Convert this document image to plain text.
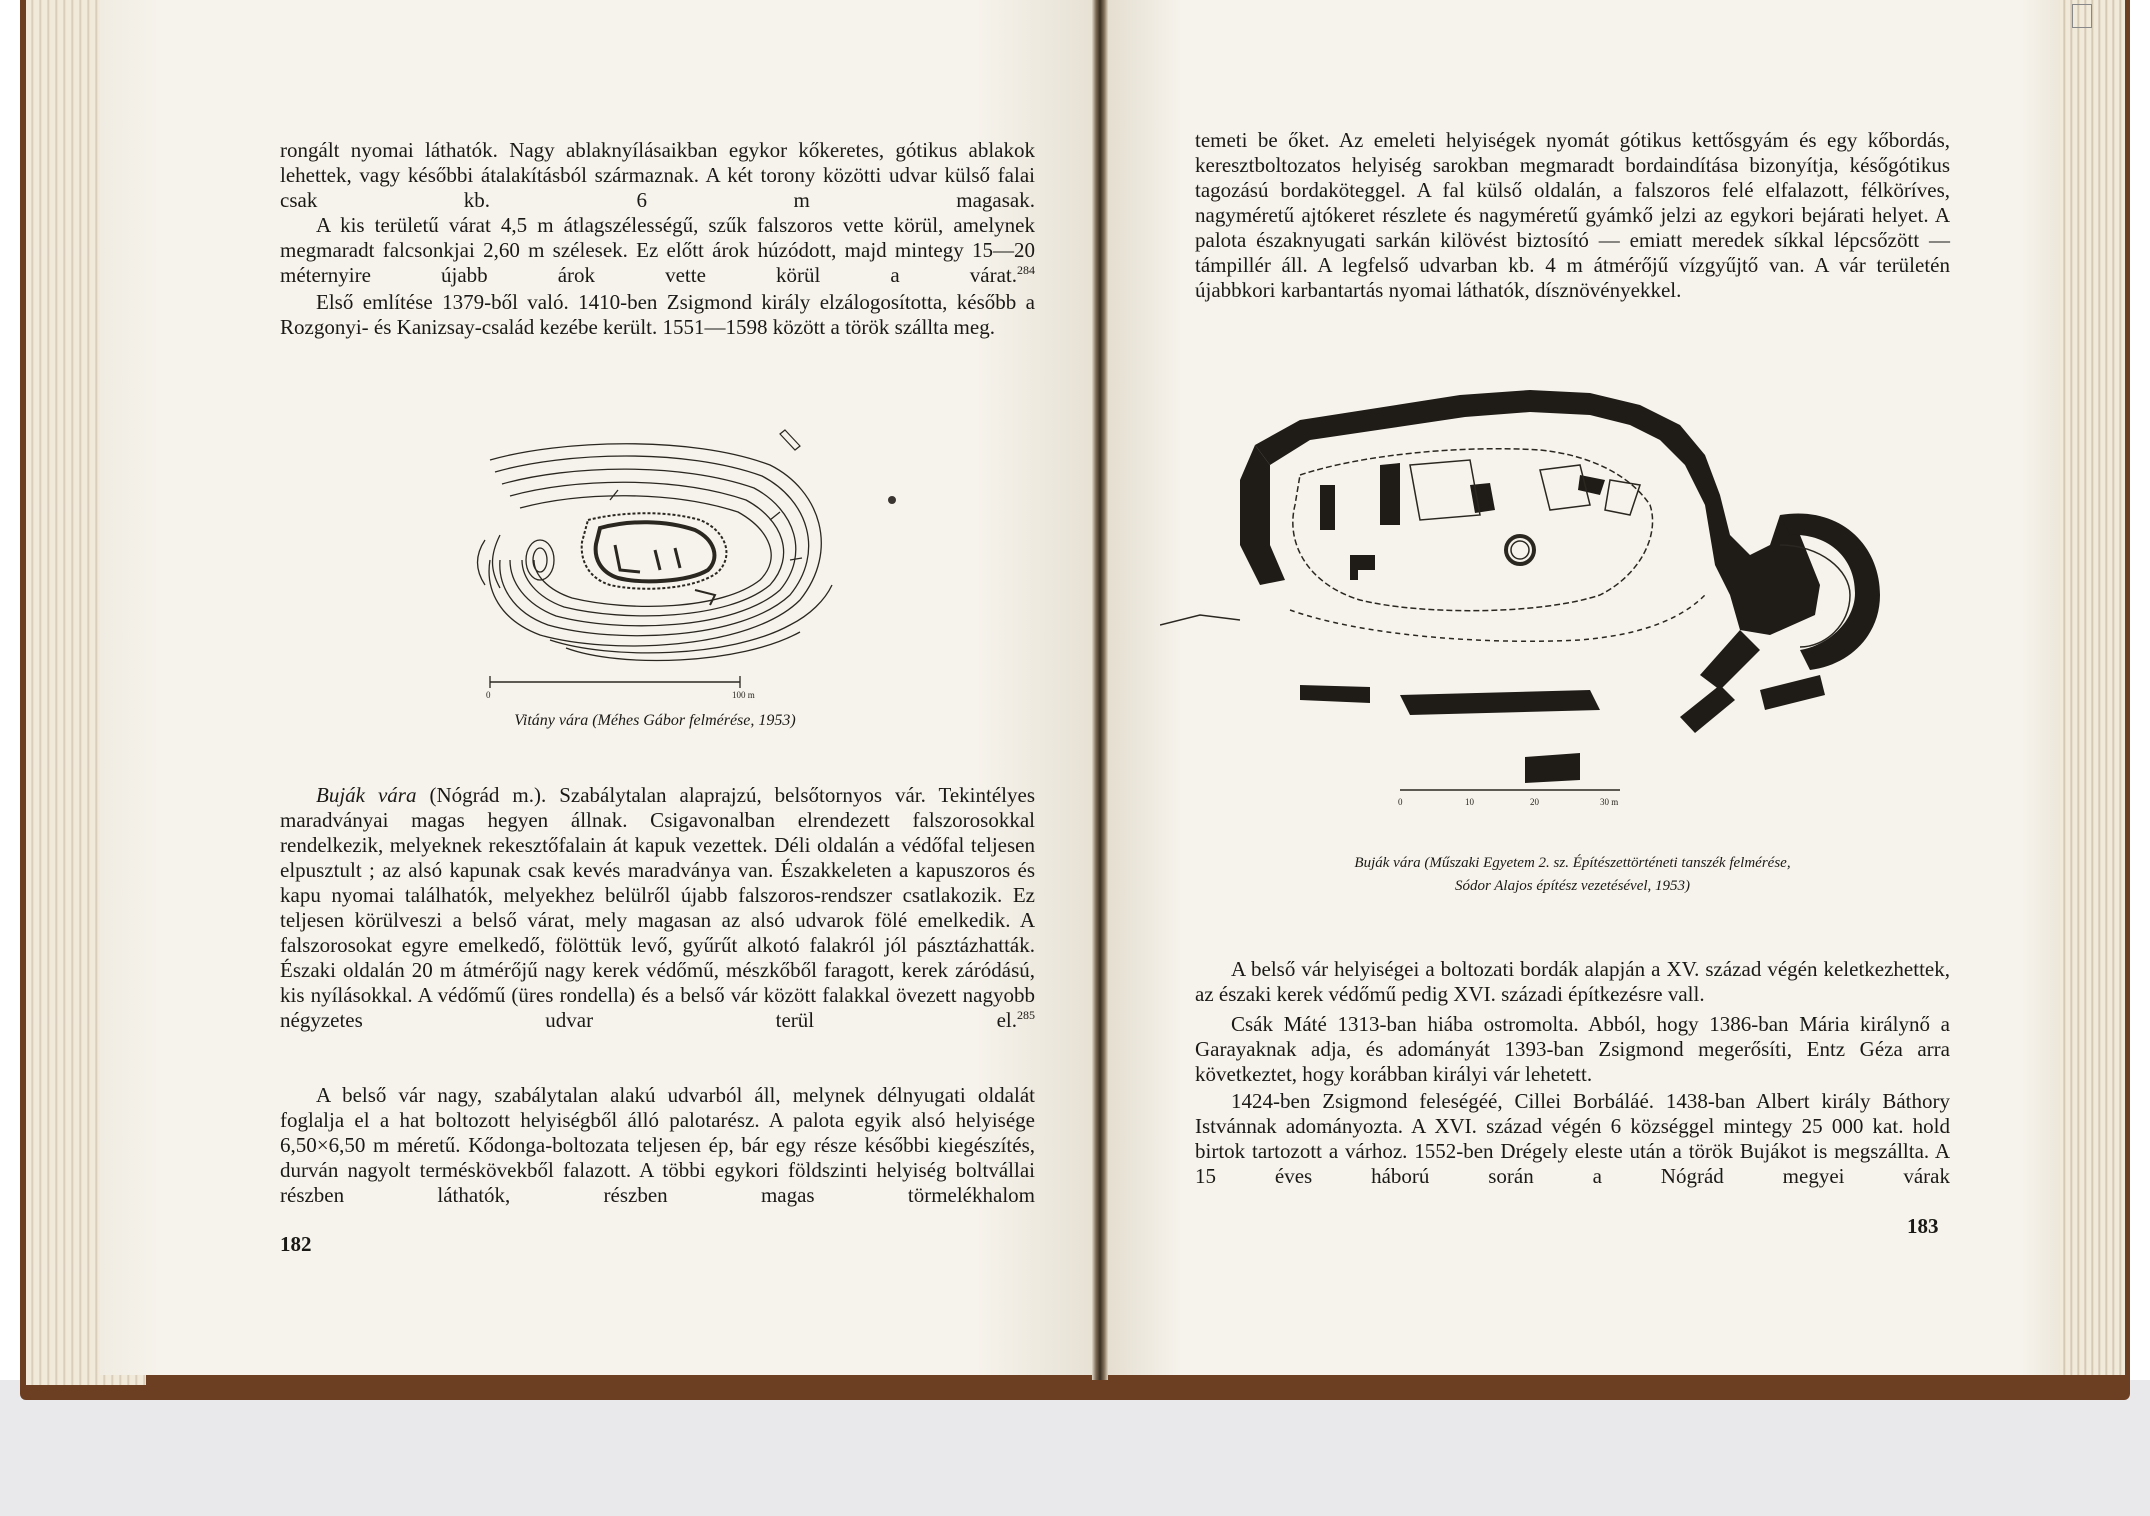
rongált nyomai láthatók. Nagy ablaknyílásaikban egykor kőkeretes, gótikus ablakok lehettek, vagy későbbi átalakításból származnak. A két torony közötti udvar külső falai csak kb. 6 m magasak.

A kis területű várat 4,5 m átlagszélességű, szűk falszoros vette körül, amelynek megmaradt falcsonkjai 2,60 m szélesek. Ez előtt árok húzódott, majd mintegy 15—20 méternyire újabb árok vette körül a várat.$^{284}$

Első említése 1379-ből való. 1410-ben Zsigmond király elzálogosította, később a Rozgonyi- és Kanizsay-család kezébe került. 1551—1598 között a török szállta meg.

0	100 m

Vitány vára (Méhes Gábor felmérése, 1953)

Buják vára (Nógrád m.). Szabálytalan alaprajzú, belsőtornyos vár. Tekintélyes maradványai magas hegyen állnak. Csigavonalban elrendezett falszorosokkal rendelkezik, melyeknek rekesztőfalain át kapuk vezettek. Déli oldalán a védőfal teljesen elpusztult ; az alsó kapunak csak kevés maradványa van. Északkeleten a kapuszoros és kapu nyomai találhatók, melyekhez belülről újabb falszoros-rendszer csatlakozik. Ez teljesen körülveszi a belső várat, mely magasan az alsó udvarok fölé emelkedik. A falszorosokat egyre emelkedő, fölöttük levő, gyűrűt alkotó falakról jól pásztázhatták. Északi oldalán 20 m átmérőjű nagy kerek védőmű, mészkőből faragott, kerek záródású, kis nyílásokkal. A védőmű (üres rondella) és a belső vár között falakkal övezett nagyobb négyzetes udvar terül el.$^{285}$

A belső vár nagy, szabálytalan alakú udvarból áll, melynek délnyugati oldalát foglalja el a hat boltozott helyiségből álló palotarész. A palota egyik alsó helyisége 6,50×6,50 m méretű. Kődonga-boltozata teljesen ép, bár egy része későbbi kiegészítés, durván nagyolt terméskövekből falazott. A többi egykori földszinti helyiség boltvállai részben láthatók, részben magas törmelékhalom

182

temeti be őket. Az emeleti helyiségek nyomát gótikus kettősgyám és egy kőbordás, keresztboltozatos helyiség sarokban megmaradt bordaindítása bizonyítja, későgótikus tagozású bordaköteggel. A fal külső oldalán, a falszoros felé elfalazott, félköríves, nagyméretű ajtókeret részlete és nagyméretű gyámkő jelzi az egykori bejárati helyet. A palota északnyugati sarkán kilövést biztosító — emiatt meredek síkkal lépcsőzött — támpillér áll. A legfelső udvarban kb. 4 m átmérőjű vízgyűjtő van. A vár területén újabbkori karbantartás nyomai láthatók, dísznövényekkel.

0	10	20	30 m

Buják vára (Műszaki Egyetem 2. sz. Építészettörténeti tanszék felmérése,

Sódor Alajos építész vezetésével, 1953)

A belső vár helyiségei a boltozati bordák alapján a XV. század végén keletkezhettek, az északi kerek védőmű pedig XVI. századi építkezésre vall.

Csák Máté 1313-ban hiába ostromolta. Abból, hogy 1386-ban Mária királynő a Garayaknak adja, és adományát 1393-ban Zsigmond megerősíti, Entz Géza arra következtet, hogy korábban királyi vár lehetett.

1424-ben Zsigmond feleségéé, Cillei Borbáláé. 1438-ban Albert király Báthory Istvánnak adományozta. A XVI. század végén 6 községgel mintegy 25 000 kat. hold birtok tartozott a várhoz. 1552-ben Drégely eleste után a török Bujákot is megszállta. A 15 éves háború során a Nógrád megyei várak

183
